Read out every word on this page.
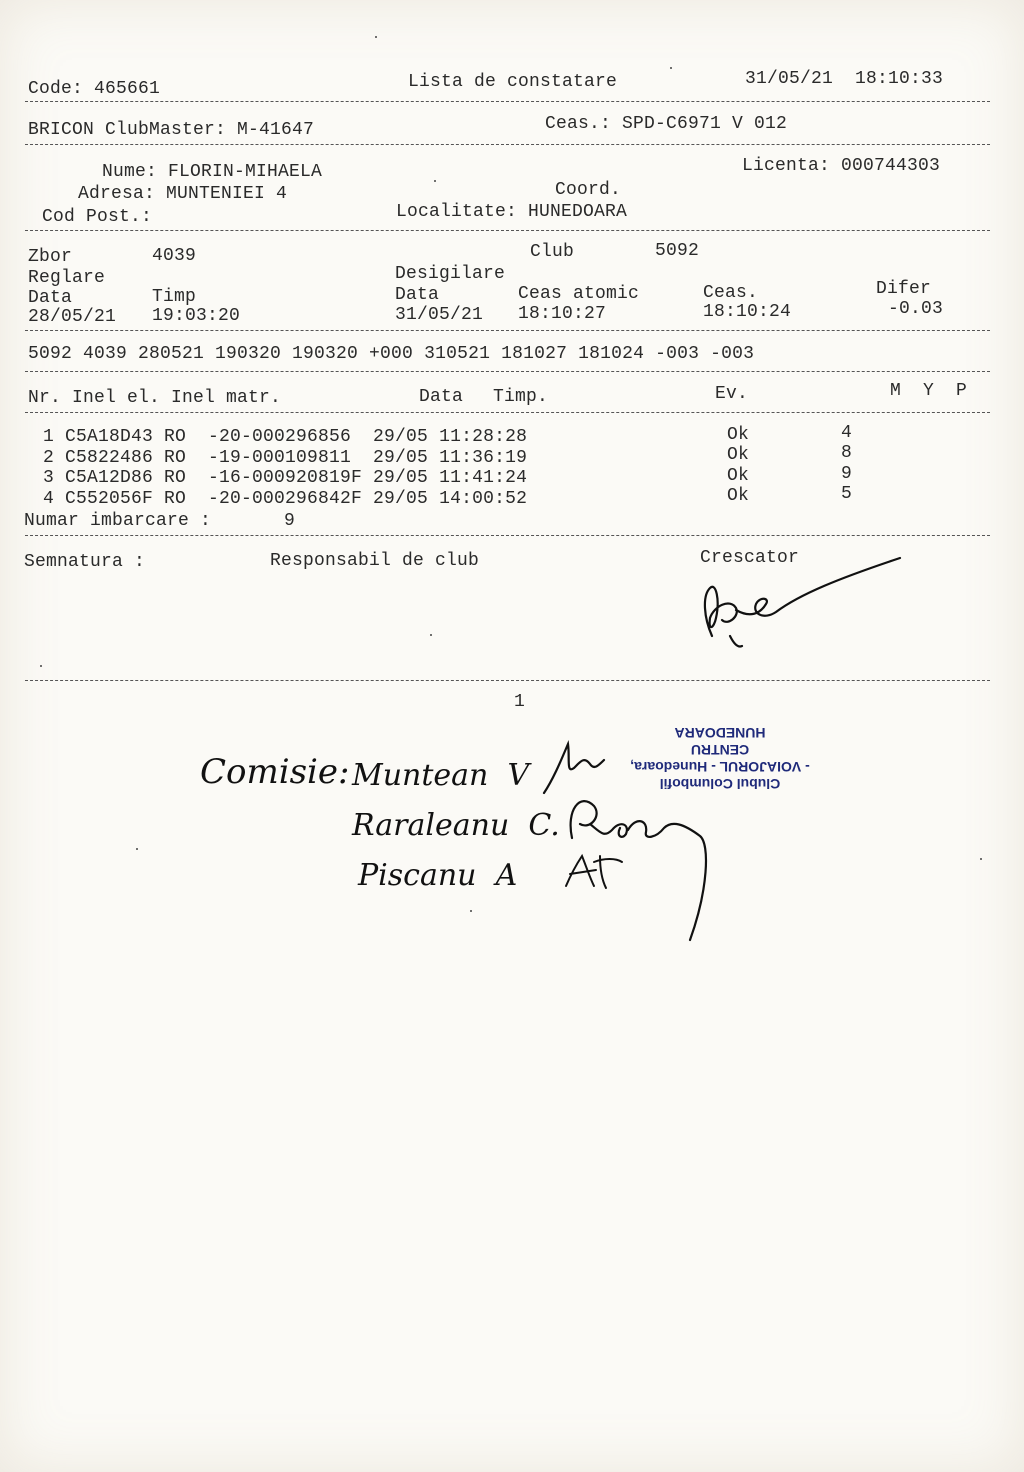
Code: 465661	Lista de constatare	31/05/21  18:10:33
BRICON ClubMaster: M-41647	Ceas.: SPD-C6971 V 012
Nume: FLORIN-MIHAELA	Licenta: 000744303
Adresa: MUNTENIEI 4	Coord.
Cod Post.:	Localitate: HUNEDOARA
Zbor	4039	Club	5092
Reglare	Desigilare
Data	Timp	Data	Ceas atomic	Ceas.	Difer
28/05/21 19:03:20	31/05/21 18:10:27	18:10:24	-0.03
5092 4039 280521 190320 190320 +000 310521 181027 181024 -003 -003
Nr. Inel el. Inel matr.	Data Timp.	Ev.	M  Y  P
1 C5A18D43 RO  -20-000296856  29/05 11:28:28	Ok	4
2 C5822486 RO  -19-000109811  29/05 11:36:19	Ok	8
3 C5A12D86 RO  -16-000920819F 29/05 11:41:24	Ok	9
4 C552056F RO  -20-000296842F 29/05 14:00:52	Ok	5
Numar imbarcare :	9
Semnatura :	Responsabil de club	Crescator
1
Clubul Columbofil
- VOIAJORUL - Hunedoara,
CENTRU
HUNEDOARA
Comisie: Muntean  V
Raraleanu  C.
Piscanu  A
